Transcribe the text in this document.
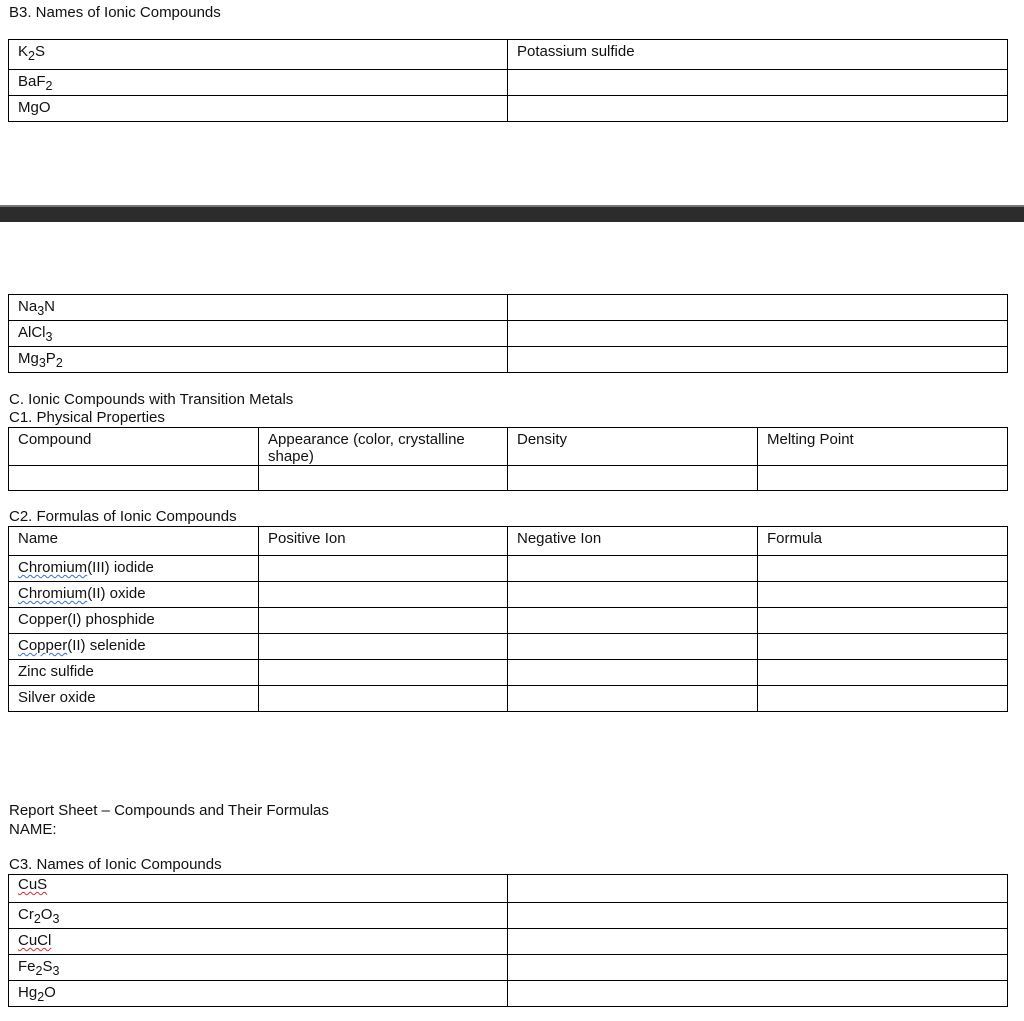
B3. Names of Ionic Compounds
$K_2S$	Potassium sulfide
BaF$_2$	
MgO	
$Na_3N$	
AlCl$_3$	
$Mg_3P_2$	
C. Ionic Compounds with Transition Metals
C1. Physical Properties
Compound	Appearance (color, crystalline shape)	Density	Melting Point

C2. Formulas of Ionic Compounds
Name	Positive Ion	Negative Ion	Formula
Chromium(III) iodide			
Chromium(II) oxide			
Copper(I) phosphide			
Copper(II) selenide			
Zinc sulfide			
Silver oxide			
Report Sheet – Compounds and Their Formulas
NAME:
C3. Names of Ionic Compounds
CuS	
$Cr_2O_3$	
CuCl	
$Fe_2S_3$	
$Hg_2O$	
